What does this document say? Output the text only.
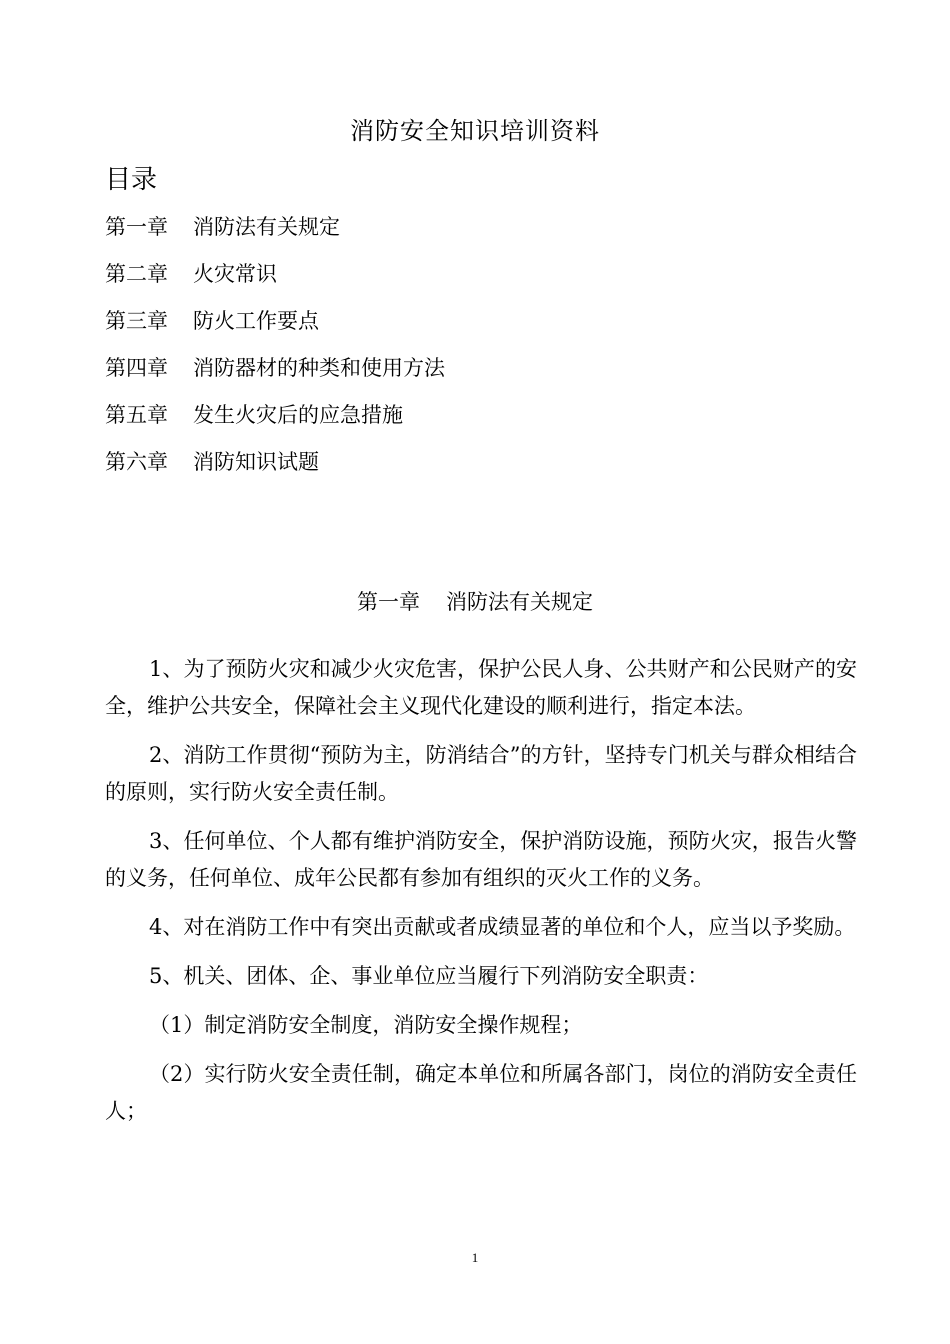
消防安全知识培训资料
目录
第一章 消防法有关规定
第二章 火灾常识
第三章 防火工作要点
第四章 消防器材的种类和使用方法
第五章 发生火灾后的应急措施
第六章 消防知识试题
第一章 消防法有关规定

1、为了预防火灾和减少火灾危害，保护公民人身、公共财产和公民财产的安全，维护公共安全，保障社会主义现代化建设的顺利进行，指定本法。

2、消防工作贯彻“预防为主，防消结合”的方针，坚持专门机关与群众相结合的原则，实行防火安全责任制。

3、任何单位、个人都有维护消防安全，保护消防设施，预防火灾，报告火警的义务，任何单位、成年公民都有参加有组织的灭火工作的义务。

4、对在消防工作中有突出贡献或者成绩显著的单位和个人，应当以予奖励。

5、机关、团体、企、事业单位应当履行下列消防安全职责：

（1）制定消防安全制度，消防安全操作规程；

（2）实行防火安全责任制，确定本单位和所属各部门，岗位的消防安全责任人；

1
